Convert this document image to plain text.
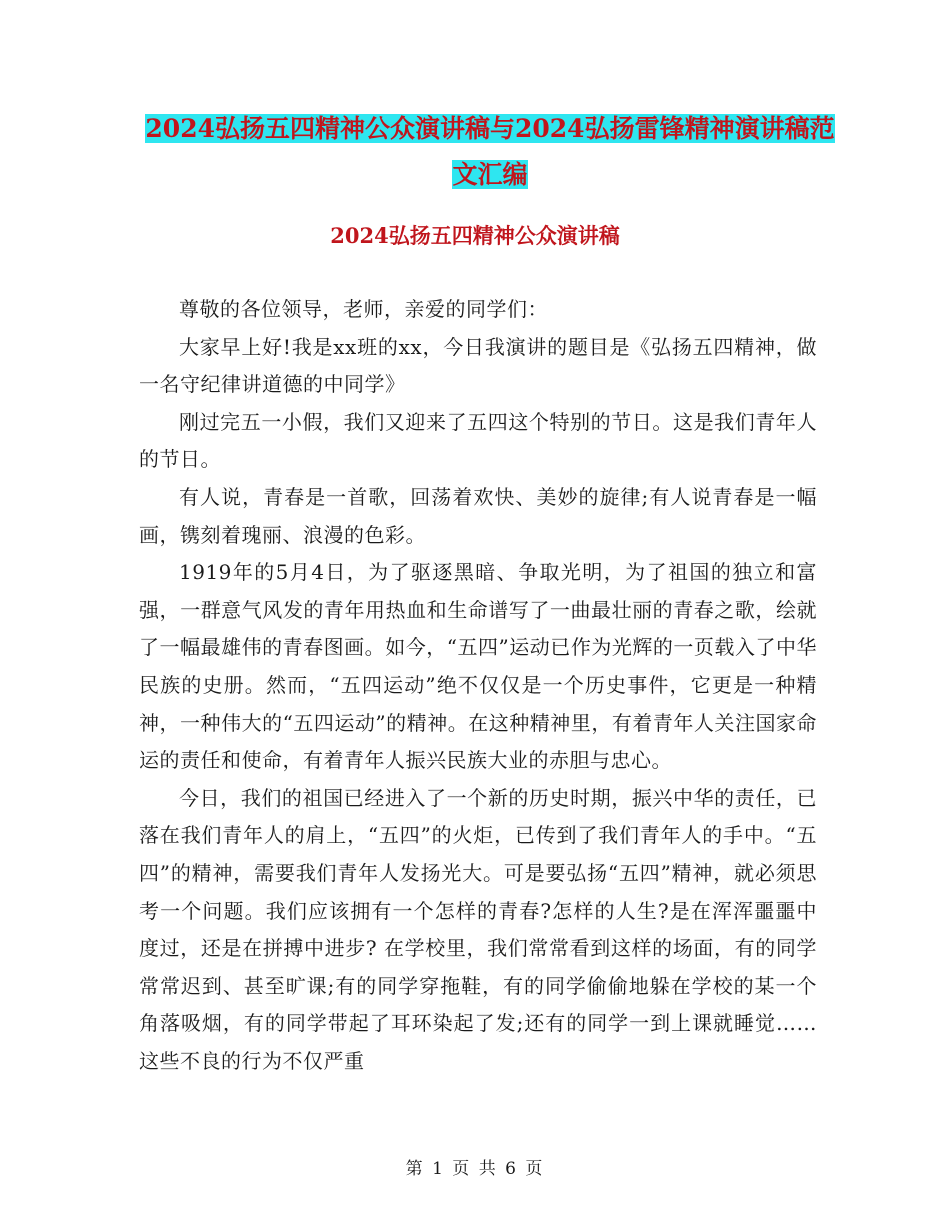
2024弘扬五四精神公众演讲稿与2024弘扬雷锋精神演讲稿范文汇编
2024弘扬五四精神公众演讲稿

尊敬的各位领导，老师，亲爱的同学们：

大家早上好!我是xx班的xx，今日我演讲的题目是《弘扬五四精神，做一名守纪律讲道德的中同学》

刚过完五一小假，我们又迎来了五四这个特别的节日。这是我们青年人的节日。

有人说，青春是一首歌，回荡着欢快、美妙的旋律;有人说青春是一幅画，镌刻着瑰丽、浪漫的色彩。

1919年的5月4日，为了驱逐黑暗、争取光明，为了祖国的独立和富强，一群意气风发的青年用热血和生命谱写了一曲最壮丽的青春之歌，绘就了一幅最雄伟的青春图画。如今，“五四”运动已作为光辉的一页载入了中华民族的史册。然而，“五四运动”绝不仅仅是一个历史事件，它更是一种精神，一种伟大的“五四运动”的精神。在这种精神里，有着青年人关注国家命运的责任和使命，有着青年人振兴民族大业的赤胆与忠心。

今日，我们的祖国已经进入了一个新的历史时期，振兴中华的责任，已落在我们青年人的肩上，“五四”的火炬，已传到了我们青年人的手中。“五四”的精神，需要我们青年人发扬光大。可是要弘扬“五四”精神，就必须思考一个问题。我们应该拥有一个怎样的青春?怎样的人生?是在浑浑噩噩中度过，还是在拼搏中进步? 在学校里，我们常常看到这样的场面，有的同学常常迟到、甚至旷课;有的同学穿拖鞋，有的同学偷偷地躲在学校的某一个角落吸烟，有的同学带起了耳环染起了发;还有的同学一到上课就睡觉……这些不良的行为不仅严重

第 1 页 共 6 页
